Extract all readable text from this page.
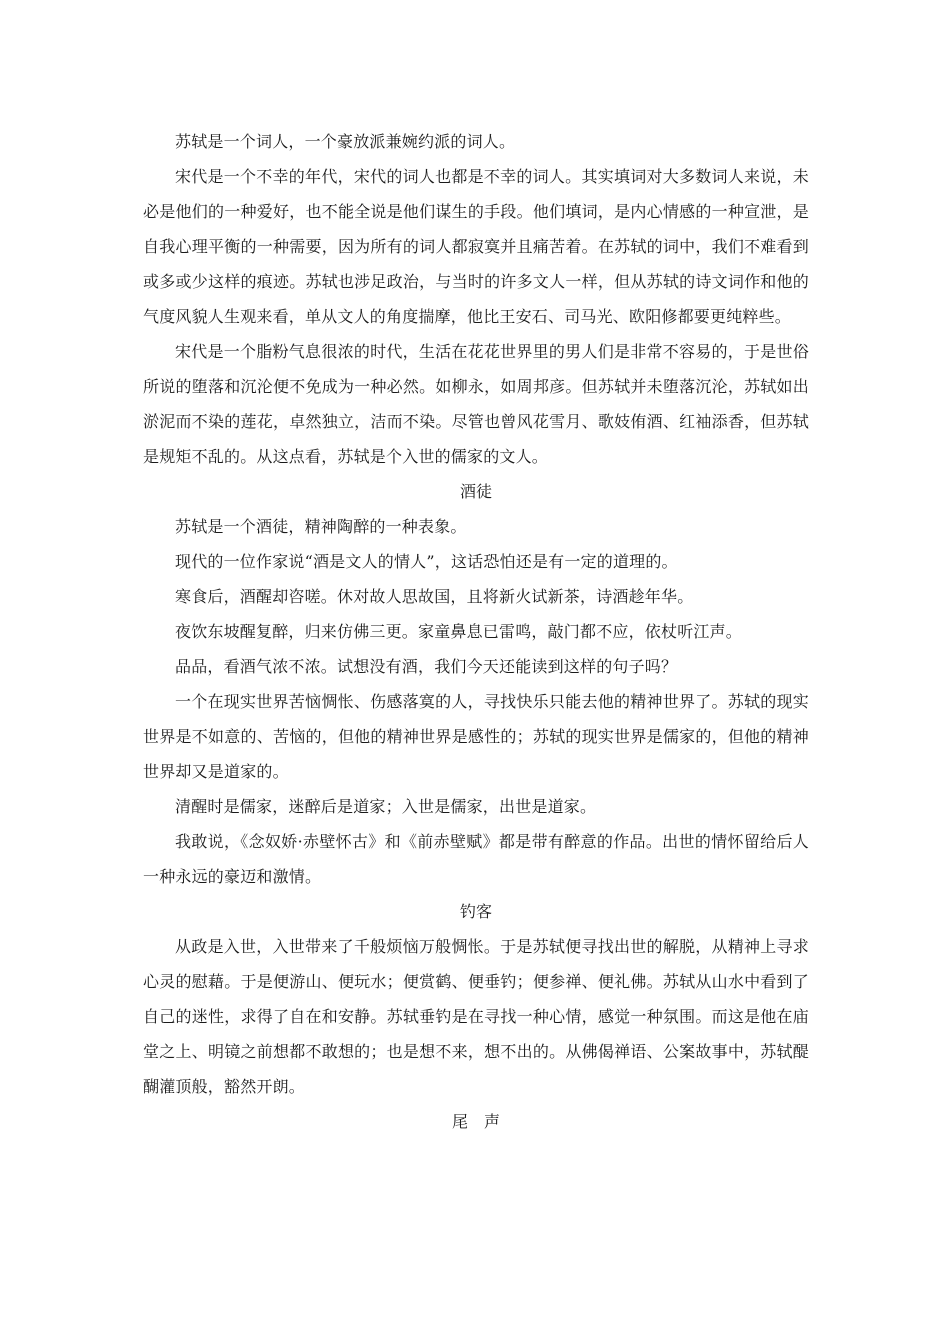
苏轼是一个词人，一个豪放派兼婉约派的词人。

宋代是一个不幸的年代，宋代的词人也都是不幸的词人。其实填词对大多数词人来说，未必是他们的一种爱好，也不能全说是他们谋生的手段。他们填词，是内心情感的一种宣泄，是自我心理平衡的一种需要，因为所有的词人都寂寞并且痛苦着。在苏轼的词中，我们不难看到或多或少这样的痕迹。苏轼也涉足政治，与当时的许多文人一样，但从苏轼的诗文词作和他的气度风貌人生观来看，单从文人的角度揣摩，他比王安石、司马光、欧阳修都要更纯粹些。

宋代是一个脂粉气息很浓的时代，生活在花花世界里的男人们是非常不容易的，于是世俗所说的堕落和沉沦便不免成为一种必然。如柳永，如周邦彦。但苏轼并未堕落沉沦，苏轼如出淤泥而不染的莲花，卓然独立，洁而不染。尽管也曾风花雪月、歌妓侑酒、红袖添香，但苏轼是规矩不乱的。从这点看，苏轼是个入世的儒家的文人。

酒徒

苏轼是一个酒徒，精神陶醉的一种表象。

现代的一位作家说“酒是文人的情人”，这话恐怕还是有一定的道理的。

寒食后，酒醒却咨嗟。休对故人思故国，且将新火试新茶，诗酒趁年华。

夜饮东坡醒复醉，归来仿佛三更。家童鼻息已雷鸣，敲门都不应，依杖听江声。

品品，看酒气浓不浓。试想没有酒，我们今天还能读到这样的句子吗？

一个在现实世界苦恼惆怅、伤感落寞的人，寻找快乐只能去他的精神世界了。苏轼的现实世界是不如意的、苦恼的，但他的精神世界是感性的；苏轼的现实世界是儒家的，但他的精神世界却又是道家的。

清醒时是儒家，迷醉后是道家；入世是儒家，出世是道家。

我敢说，《念奴娇·赤壁怀古》和《前赤壁赋》都是带有醉意的作品。出世的情怀留给后人一种永远的豪迈和激情。

钓客

从政是入世，入世带来了千般烦恼万般惆怅。于是苏轼便寻找出世的解脱，从精神上寻求心灵的慰藉。于是便游山、便玩水；便赏鹤、便垂钓；便参禅、便礼佛。苏轼从山水中看到了自己的迷性，求得了自在和安静。苏轼垂钓是在寻找一种心情，感觉一种氛围。而这是他在庙堂之上、明镜之前想都不敢想的；也是想不来，想不出的。从佛偈禅语、公案故事中，苏轼醍醐灌顶般，豁然开朗。

尾声
